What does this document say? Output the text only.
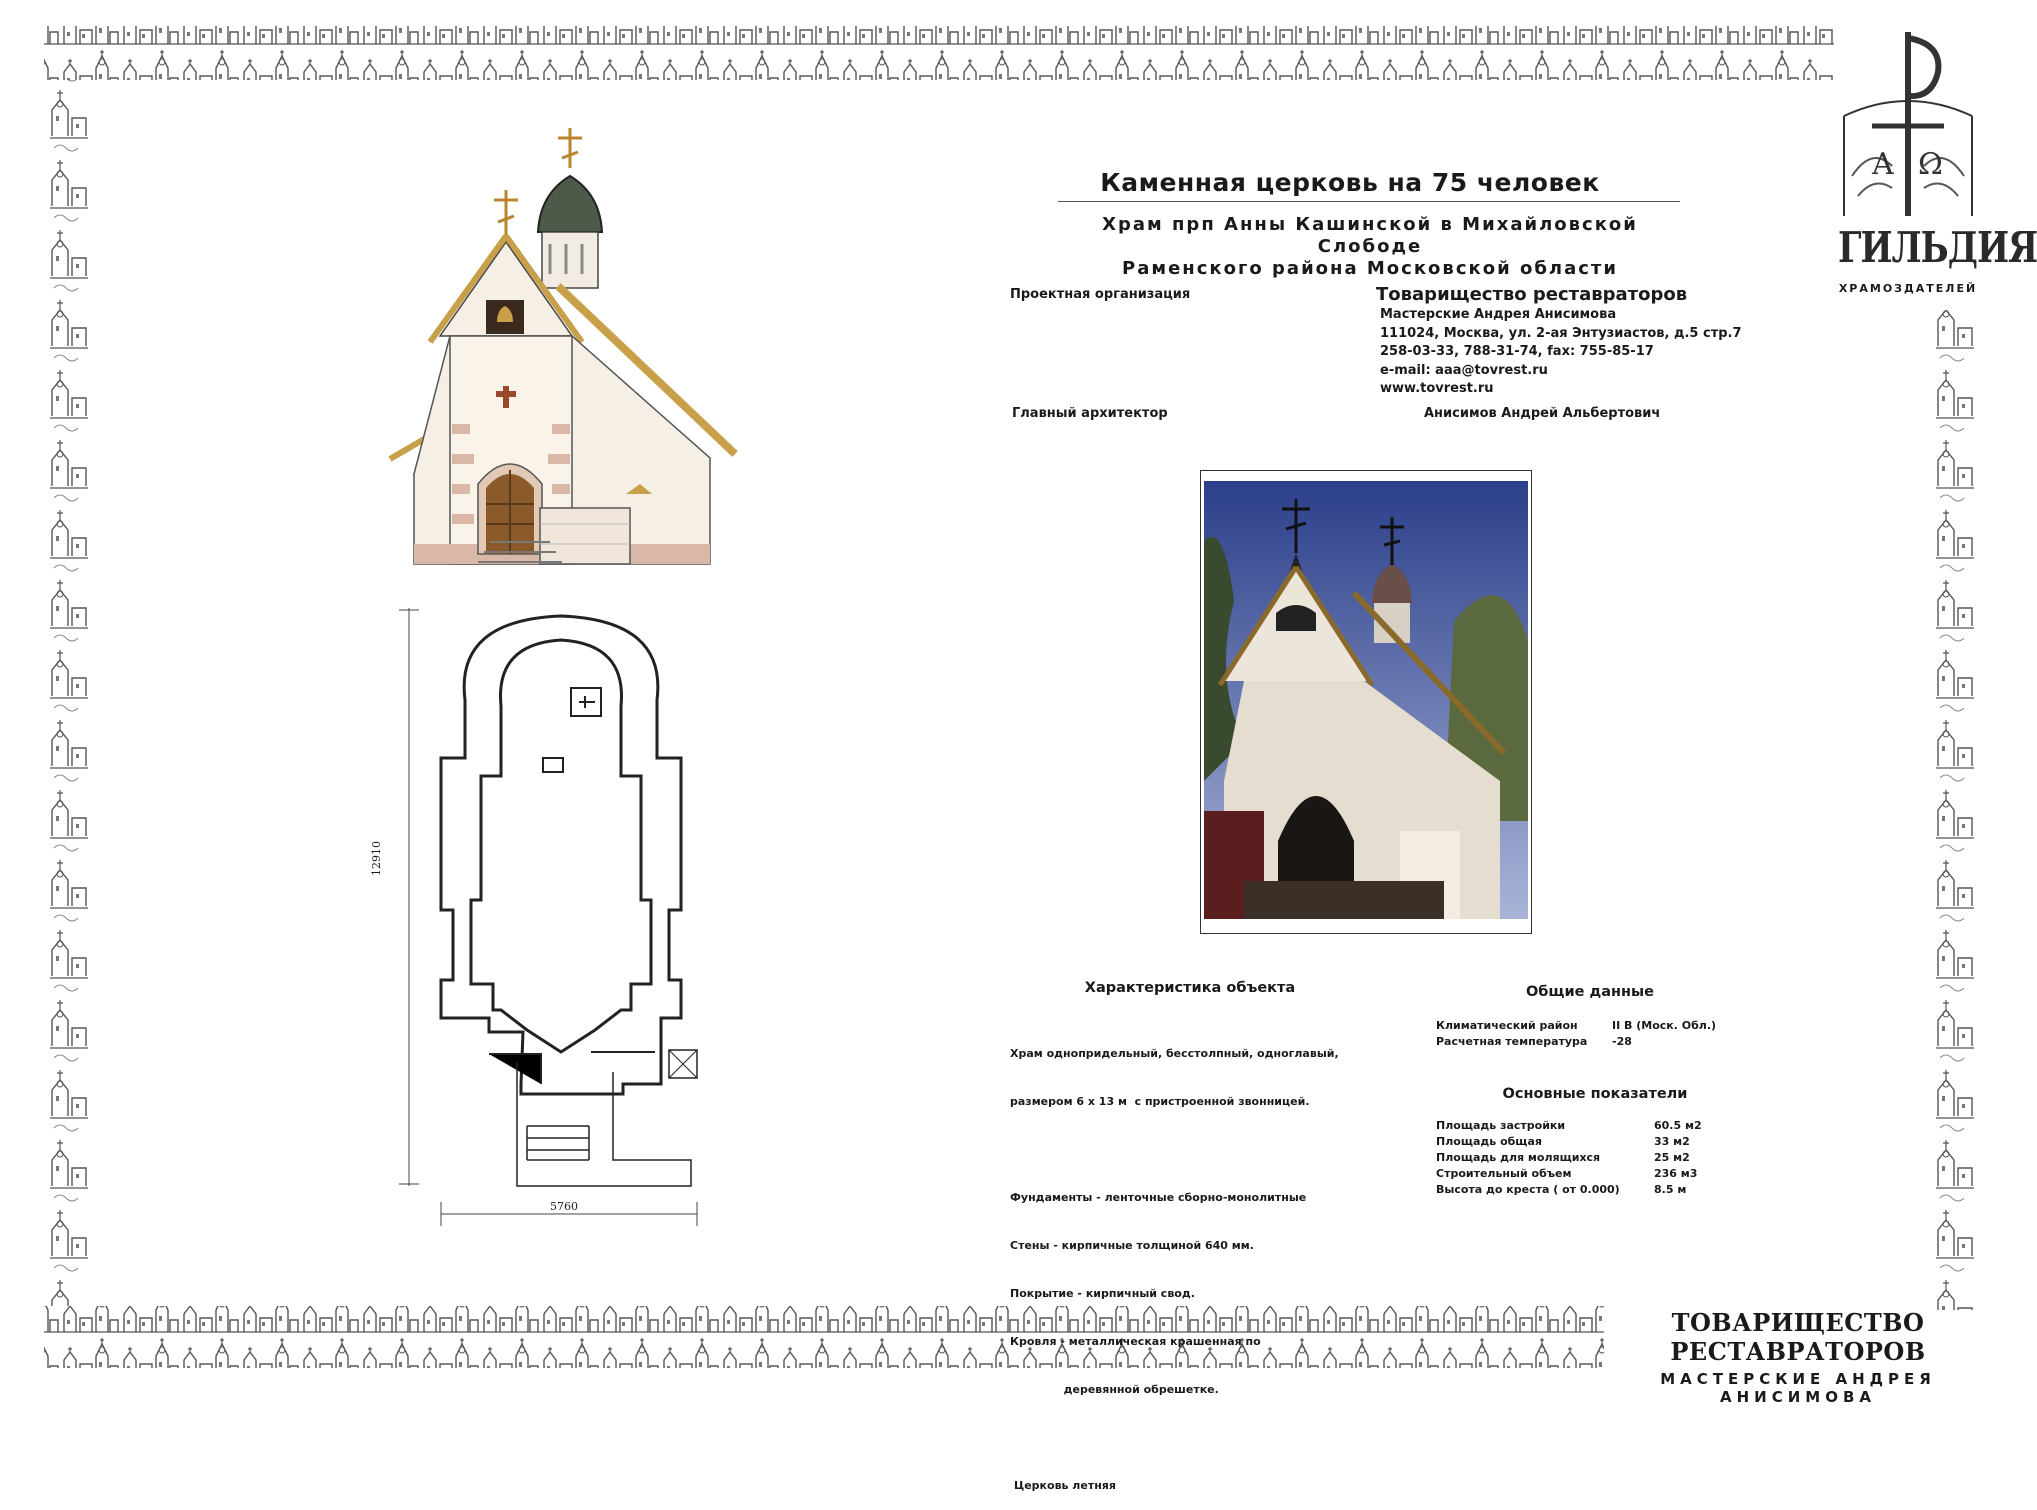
Α Ω
ГИЛЬДИЯ
ХРАМОЗДАТЕЛЕЙ
12910
5760
Каменная церковь на 75 человек
Храм прп Анны Кашинской в Михайловской Слободе
Раменского района Московской области
Проектная организация	Товарищество реставраторов
Мастерские Андрея Анисимова
111024, Москва, ул. 2-ая Энтузиастов, д.5 стр.7
258-03-33, 788-31-74, fax: 755-85-17
e-mail: aaa@tovrest.ru
www.tovrest.ru
Главный архитектор	Анисимов Андрей Альбертович
Характеристика объекта

Храм однопридельный, бесстолпный, одноглавый,

размером 6 х 13 м  с пристроенной звонницей.

Фундаменты - ленточные сборно-монолитные

Стены - кирпичные толщиной 640 мм.

Покрытие - кирпичный свод.

Кровля - металлическая крашенная по

деревянной обрешетке.

Церковь летняя

Общие данные
Климатический район	II В (Моск. Обл.)
Расчетная температура	-28
Основные показатели
Площадь застройки	60.5 м2
Площадь общая	33 м2
Площадь для молящихся	25 м2
Строительный объем	236 м3
Высота до креста ( от 0.000)	8.5 м
ТОВАРИЩЕСТВО РЕСТАВРАТОРОВ
МАСТЕРСКИЕ АНДРЕЯ АНИСИМОВА
